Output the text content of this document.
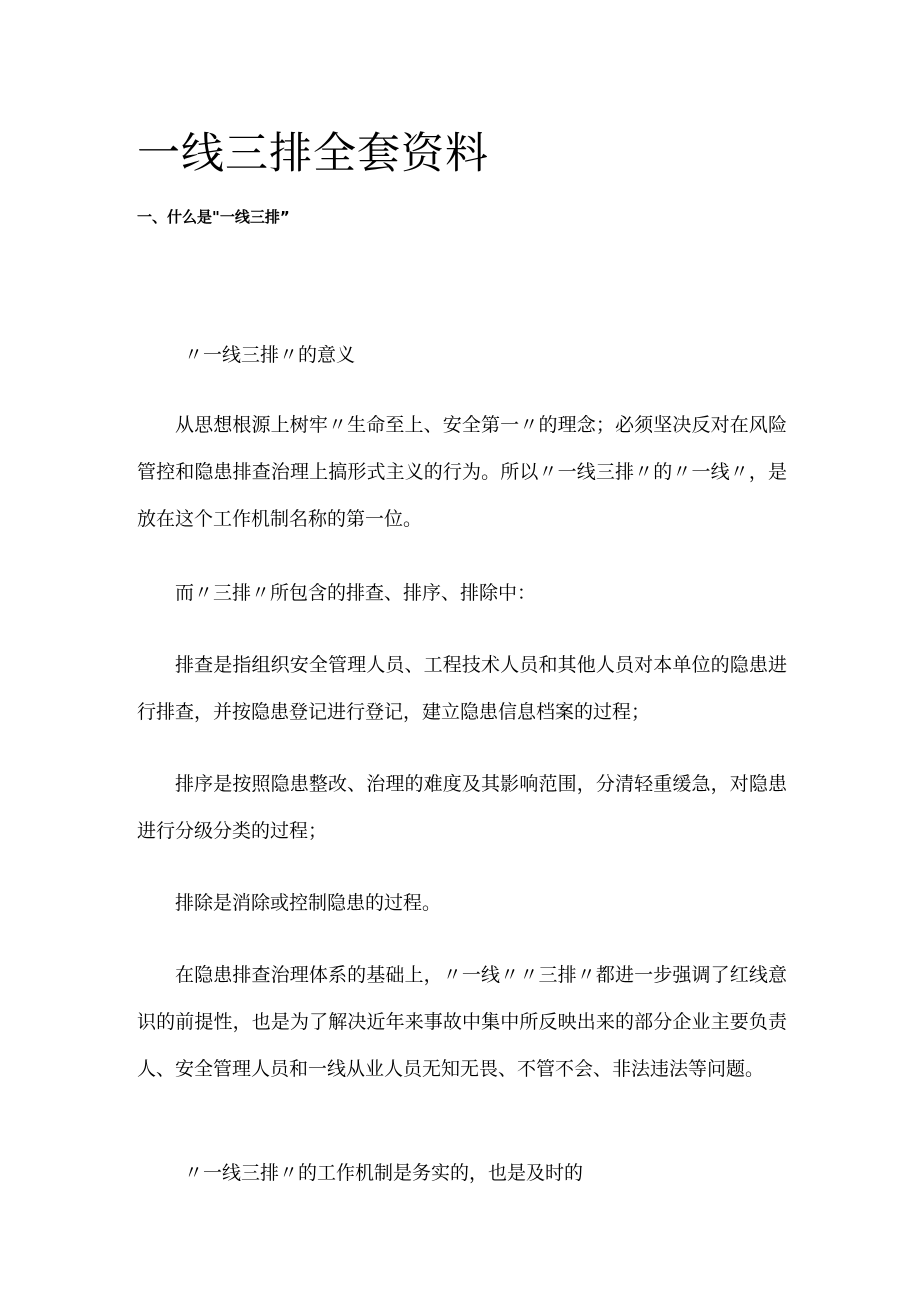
一线三排全套资料
一、什么是"一线三排”
〃一线三排〃的意义

从思想根源上树牢〃生命至上、安全第一〃的理念；必须坚决反对在风险管控和隐患排查治理上搞形式主义的行为。所以〃一线三排〃的〃一线〃，是放在这个工作机制名称的第一位。

而〃三排〃所包含的排查、排序、排除中：

排查是指组织安全管理人员、工程技术人员和其他人员对本单位的隐患进行排查，并按隐患登记进行登记，建立隐患信息档案的过程；

排序是按照隐患整改、治理的难度及其影响范围，分清轻重缓急，对隐患进行分级分类的过程；

排除是消除或控制隐患的过程。

在隐患排查治理体系的基础上，〃一线〃〃三排〃都进一步强调了红线意识的前提性，也是为了解决近年来事故中集中所反映出来的部分企业主要负责人、安全管理人员和一线从业人员无知无畏、不管不会、非法违法等问题。

〃一线三排〃的工作机制是务实的，也是及时的
